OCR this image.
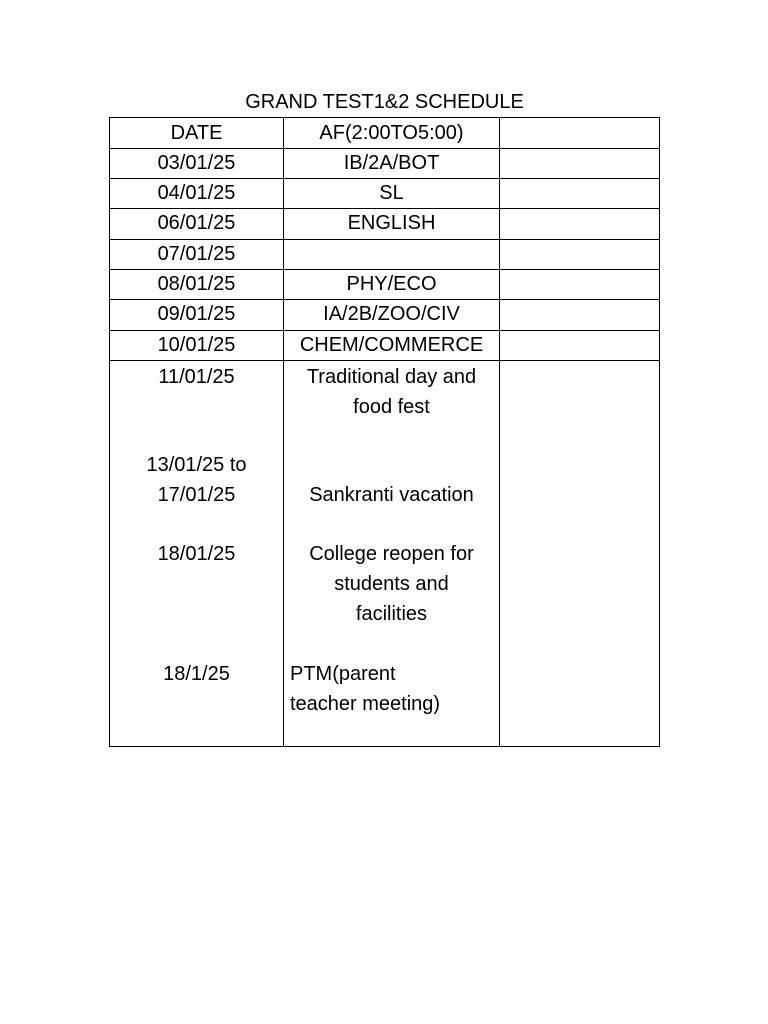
GRAND TEST1&2 SCHEDULE
DATE	AF(2:00TO5:00)
03/01/25	IB/2A/BOT
04/01/25	SL
06/01/25	ENGLISH
07/01/25
08/01/25	PHY/ECO
09/01/25	IA/2B/ZOO/CIV
10/01/25	CHEM/COMMERCE
11/01/25	Traditional day and
food fest
13/01/25 to
17/01/25	Sankranti vacation
18/01/25	College reopen for
students and
facilities
18/1/25	PTM(parent
teacher meeting)
